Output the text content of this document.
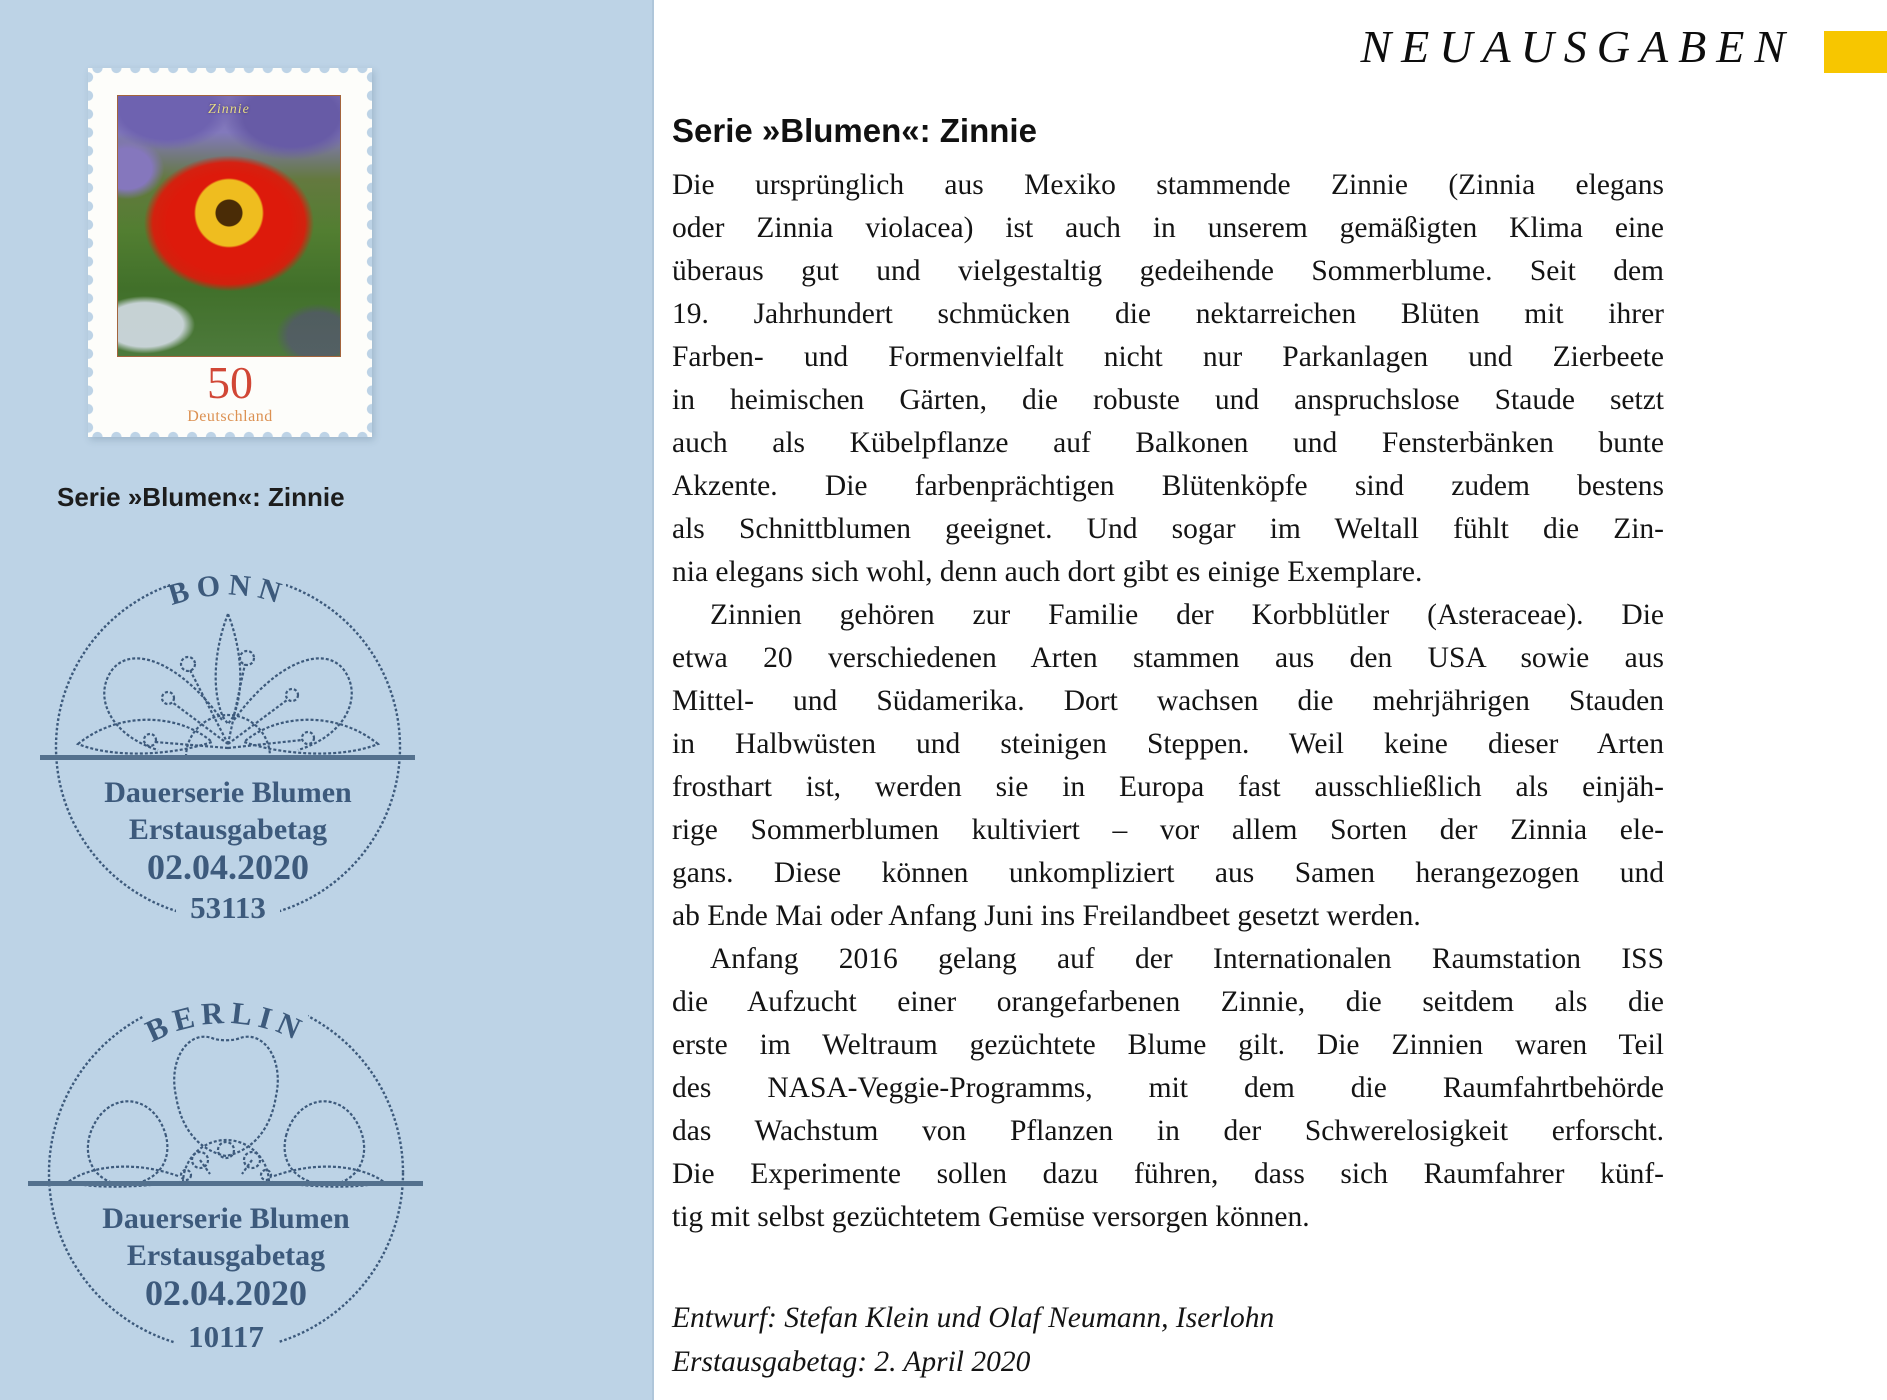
Zinnie
50
Deutschland
Serie »Blumen«: Zinnie
BONN
Dauerserie Blumen
Erstausgabetag
02.04.2020
53113
BERLIN
Dauerserie Blumen
Erstausgabetag
02.04.2020
10117
NEUAUSGABEN
Serie »Blumen«: Zinnie
Die ursprünglich aus Mexiko stammende Zinnie (Zinnia elegans
oder Zinnia violacea) ist auch in unserem gemäßigten Klima eine
überaus gut und vielgestaltig gedeihende Sommerblume. Seit dem
19. Jahrhundert schmücken die nektarreichen Blüten mit ihrer
Farben- und Formenvielfalt nicht nur Parkanlagen und Zierbeete
in heimischen Gärten, die robuste und anspruchslose Staude setzt
auch als Kübelpflanze auf Balkonen und Fensterbänken bunte
Akzente. Die farbenprächtigen Blütenköpfe sind zudem bestens
als Schnittblumen geeignet. Und sogar im Weltall fühlt die Zin-
nia elegans sich wohl, denn auch dort gibt es einige Exemplare.
Zinnien gehören zur Familie der Korbblütler (Asteraceae). Die
etwa 20 verschiedenen Arten stammen aus den USA sowie aus
Mittel- und Südamerika. Dort wachsen die mehrjährigen Stauden
in Halbwüsten und steinigen Steppen. Weil keine dieser Arten
frosthart ist, werden sie in Europa fast ausschließlich als einjäh-
rige Sommerblumen kultiviert – vor allem Sorten der Zinnia ele-
gans. Diese können unkompliziert aus Samen herangezogen und
ab Ende Mai oder Anfang Juni ins Freilandbeet gesetzt werden.
Anfang 2016 gelang auf der Internationalen Raumstation ISS
die Aufzucht einer orangefarbenen Zinnie, die seitdem als die
erste im Weltraum gezüchtete Blume gilt. Die Zinnien waren Teil
des NASA-Veggie-Programms, mit dem die Raumfahrtbehörde
das Wachstum von Pflanzen in der Schwerelosigkeit erforscht.
Die Experimente sollen dazu führen, dass sich Raumfahrer künf-
tig mit selbst gezüchtetem Gemüse versorgen können.
Entwurf: Stefan Klein und Olaf Neumann, Iserlohn
Erstausgabetag: 2. April 2020
